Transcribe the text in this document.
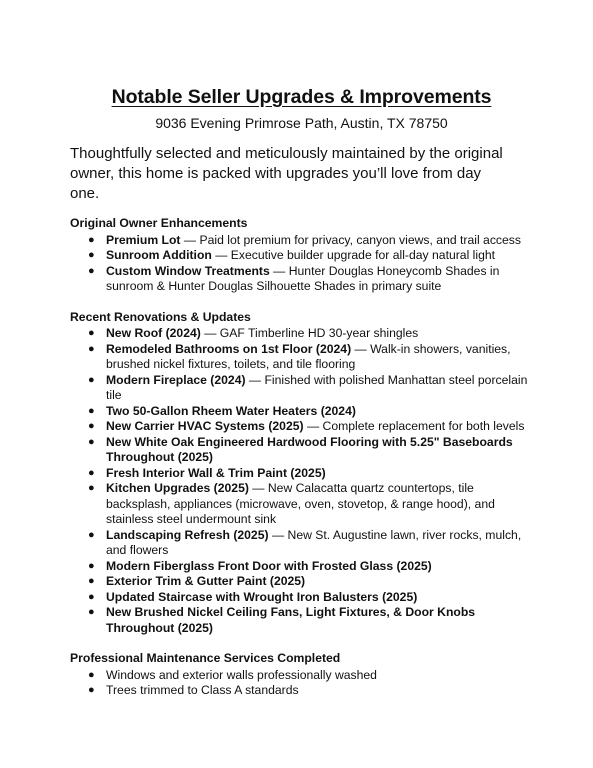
Notable Seller Upgrades & Improvements

9036 Evening Primrose Path, Austin, TX 78750

Thoughtfully selected and meticulously maintained by the original owner, this home is packed with upgrades you’ll love from day one.

Original Owner Enhancements

● Premium Lot — Paid lot premium for privacy, canyon views, and trail access
● Sunroom Addition — Executive builder upgrade for all-day natural light
● Custom Window Treatments — Hunter Douglas Honeycomb Shades in sunroom & Hunter Douglas Silhouette Shades in primary suite

Recent Renovations & Updates

● New Roof (2024) — GAF Timberline HD 30-year shingles
● Remodeled Bathrooms on 1st Floor (2024) — Walk-in showers, vanities, brushed nickel fixtures, toilets, and tile flooring
● Modern Fireplace (2024) — Finished with polished Manhattan steel porcelain tile
● Two 50-Gallon Rheem Water Heaters (2024)
● New Carrier HVAC Systems (2025) — Complete replacement for both levels
● New White Oak Engineered Hardwood Flooring with 5.25" Baseboards Throughout (2025)
● Fresh Interior Wall & Trim Paint (2025)
● Kitchen Upgrades (2025) — New Calacatta quartz countertops, tile backsplash, appliances (microwave, oven, stovetop, & range hood), and stainless steel undermount sink
● Landscaping Refresh (2025) — New St. Augustine lawn, river rocks, mulch, and flowers
● Modern Fiberglass Front Door with Frosted Glass (2025)
● Exterior Trim & Gutter Paint (2025)
● Updated Staircase with Wrought Iron Balusters (2025)
● New Brushed Nickel Ceiling Fans, Light Fixtures, & Door Knobs Throughout (2025)

Professional Maintenance Services Completed

● Windows and exterior walls professionally washed
● Trees trimmed to Class A standards
